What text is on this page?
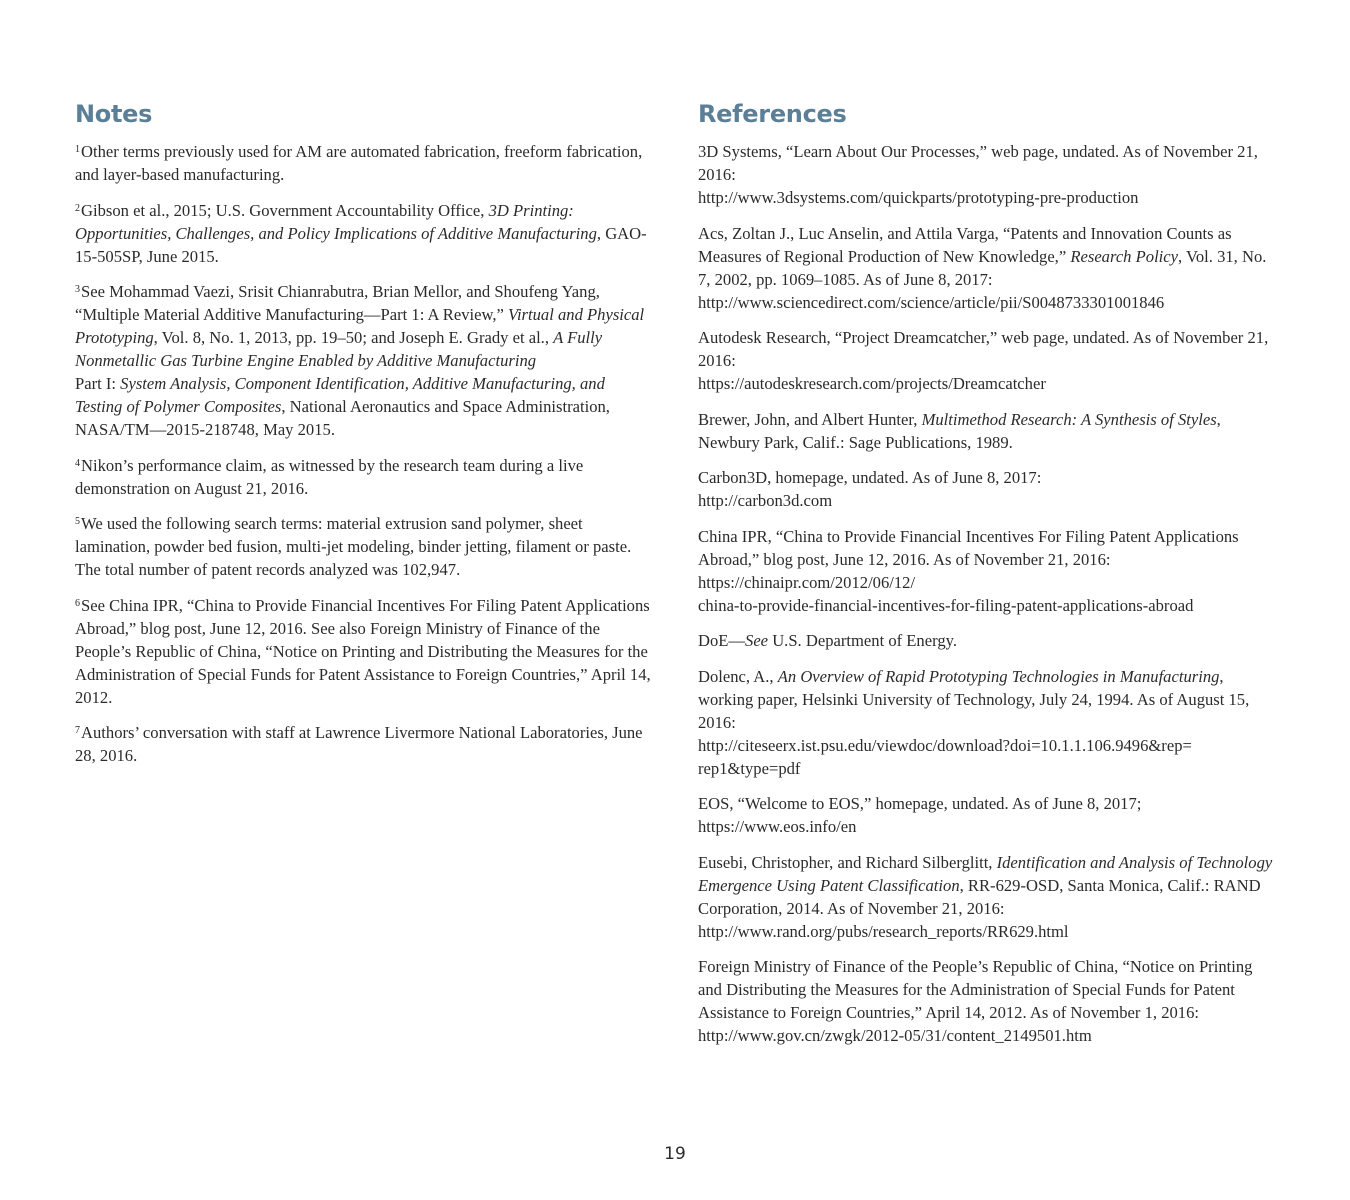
Notes

$^1$Other terms previously used for AM are automated fabrication, freeform fabrication, and layer-based manufacturing.

$^2$Gibson et al., 2015; U.S. Government Accountability Office, 3D Printing: Opportunities, Challenges, and Policy Implications of Additive Manufacturing, GAO-15-505SP, June 2015.

$^3$See Mohammad Vaezi, Srisit Chianrabutra, Brian Mellor, and Shoufeng Yang, “Multiple Material Additive Manufacturing—Part 1: A Review,” Virtual and Physical Prototyping, Vol. 8, No. 1, 2013, pp. 19–50; and Joseph E. Grady et al., A Fully Nonmetallic Gas Turbine Engine Enabled by Additive Manufacturing
Part I: System Analysis, Component Identification, Additive Manufacturing, and Testing of Polymer Composites, National Aeronautics and Space Administration, NASA/TM—2015-218748, May 2015.

$^4$Nikon’s performance claim, as witnessed by the research team during a live demonstration on August 21, 2016.

$^5$We used the following search terms: material extrusion sand polymer, sheet lamination, powder bed fusion, multi-jet modeling, binder jetting, filament or paste. The total number of patent records analyzed was 102,947.

$^6$See China IPR, “China to Provide Financial Incentives For Filing Patent Applications Abroad,” blog post, June 12, 2016. See also Foreign Ministry of Finance of the People’s Republic of China, “Notice on Printing and Distributing the Measures for the Administration of Special Funds for Patent Assistance to Foreign Countries,” April 14, 2012.

$^7$Authors’ conversation with staff at Lawrence Livermore National Laboratories, June 28, 2016.

References

3D Systems, “Learn About Our Processes,” web page, undated. As of November 21, 2016:
http://www.3dsystems.com/quickparts/prototyping-pre-production

Acs, Zoltan J., Luc Anselin, and Attila Varga, “Patents and Innovation Counts as Measures of Regional Production of New Knowledge,” Research Policy, Vol. 31, No. 7, 2002, pp. 1069–1085. As of June 8, 2017:
http://www.sciencedirect.com/science/article/pii/S0048733301001846

Autodesk Research, “Project Dreamcatcher,” web page, undated. As of November 21, 2016:
https://autodeskresearch.com/projects/Dreamcatcher

Brewer, John, and Albert Hunter, Multimethod Research: A Synthesis of Styles, Newbury Park, Calif.: Sage Publications, 1989.

Carbon3D, homepage, undated. As of June 8, 2017:
http://carbon3d.com

China IPR, “China to Provide Financial Incentives For Filing Patent Applications Abroad,” blog post, June 12, 2016. As of November 21, 2016:
https://chinaipr.com/2012/06/12/
china-to-provide-financial-incentives-for-filing-patent-applications-abroad

DoE—See U.S. Department of Energy.

Dolenc, A., An Overview of Rapid Prototyping Technologies in Manufacturing, working paper, Helsinki University of Technology, July 24, 1994. As of August 15, 2016:
http://citeseerx.ist.psu.edu/viewdoc/download?doi=10.1.1.106.9496&rep=
rep1&type=pdf

EOS, “Welcome to EOS,” homepage, undated. As of June 8, 2017;
https://www.eos.info/en

Eusebi, Christopher, and Richard Silberglitt, Identification and Analysis of Technology Emergence Using Patent Classification, RR-629-OSD, Santa Monica, Calif.: RAND Corporation, 2014. As of November 21, 2016:
http://www.rand.org/pubs/research_reports/RR629.html

Foreign Ministry of Finance of the People’s Republic of China, “Notice on Printing and Distributing the Measures for the Administration of Special Funds for Patent Assistance to Foreign Countries,” April 14, 2012. As of November 1, 2016:
http://www.gov.cn/zwgk/2012-05/31/content_2149501.htm

19
